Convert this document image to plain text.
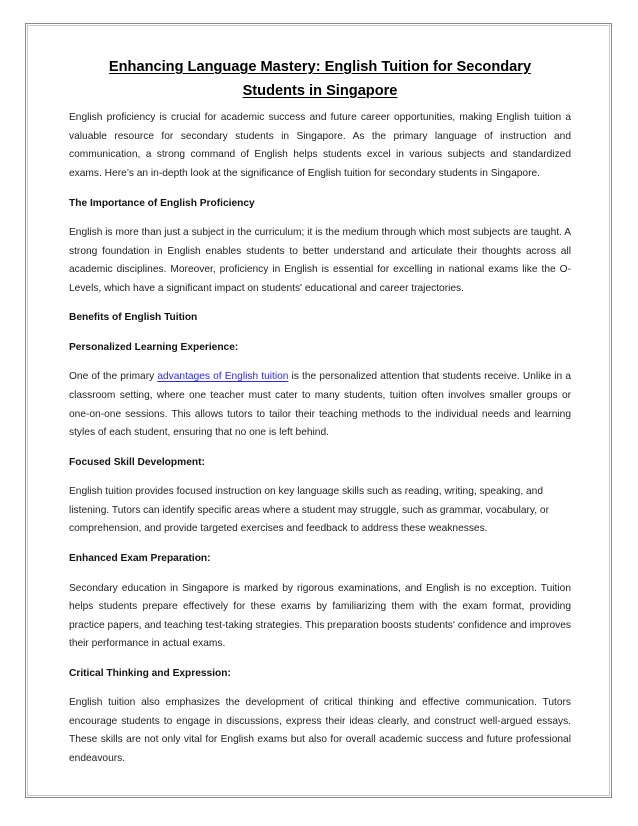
Enhancing Language Mastery: English Tuition for Secondary
Students in Singapore

English proficiency is crucial for academic success and future career opportunities, making English tuition a valuable resource for secondary students in Singapore. As the primary language of instruction and communication, a strong command of English helps students excel in various subjects and standardized exams. Here’s an in-depth look at the significance of English tuition for secondary students in Singapore.

The Importance of English Proficiency

English is more than just a subject in the curriculum; it is the medium through which most subjects are taught. A strong foundation in English enables students to better understand and articulate their thoughts across all academic disciplines. Moreover, proficiency in English is essential for excelling in national exams like the O-Levels, which have a significant impact on students' educational and career trajectories.

Benefits of English Tuition
Personalized Learning Experience:

One of the primary advantages of English tuition is the personalized attention that students receive. Unlike in a classroom setting, where one teacher must cater to many students, tuition often involves smaller groups or one-on-one sessions. This allows tutors to tailor their teaching methods to the individual needs and learning styles of each student, ensuring that no one is left behind.

Focused Skill Development:

English tuition provides focused instruction on key language skills such as reading, writing, speaking, and listening. Tutors can identify specific areas where a student may struggle, such as grammar, vocabulary, or comprehension, and provide targeted exercises and feedback to address these weaknesses.

Enhanced Exam Preparation:

Secondary education in Singapore is marked by rigorous examinations, and English is no exception. Tuition helps students prepare effectively for these exams by familiarizing them with the exam format, providing practice papers, and teaching test-taking strategies. This preparation boosts students' confidence and improves their performance in actual exams.

Critical Thinking and Expression:

English tuition also emphasizes the development of critical thinking and effective communication. Tutors encourage students to engage in discussions, express their ideas clearly, and construct well-argued essays. These skills are not only vital for English exams but also for overall academic success and future professional endeavours.
